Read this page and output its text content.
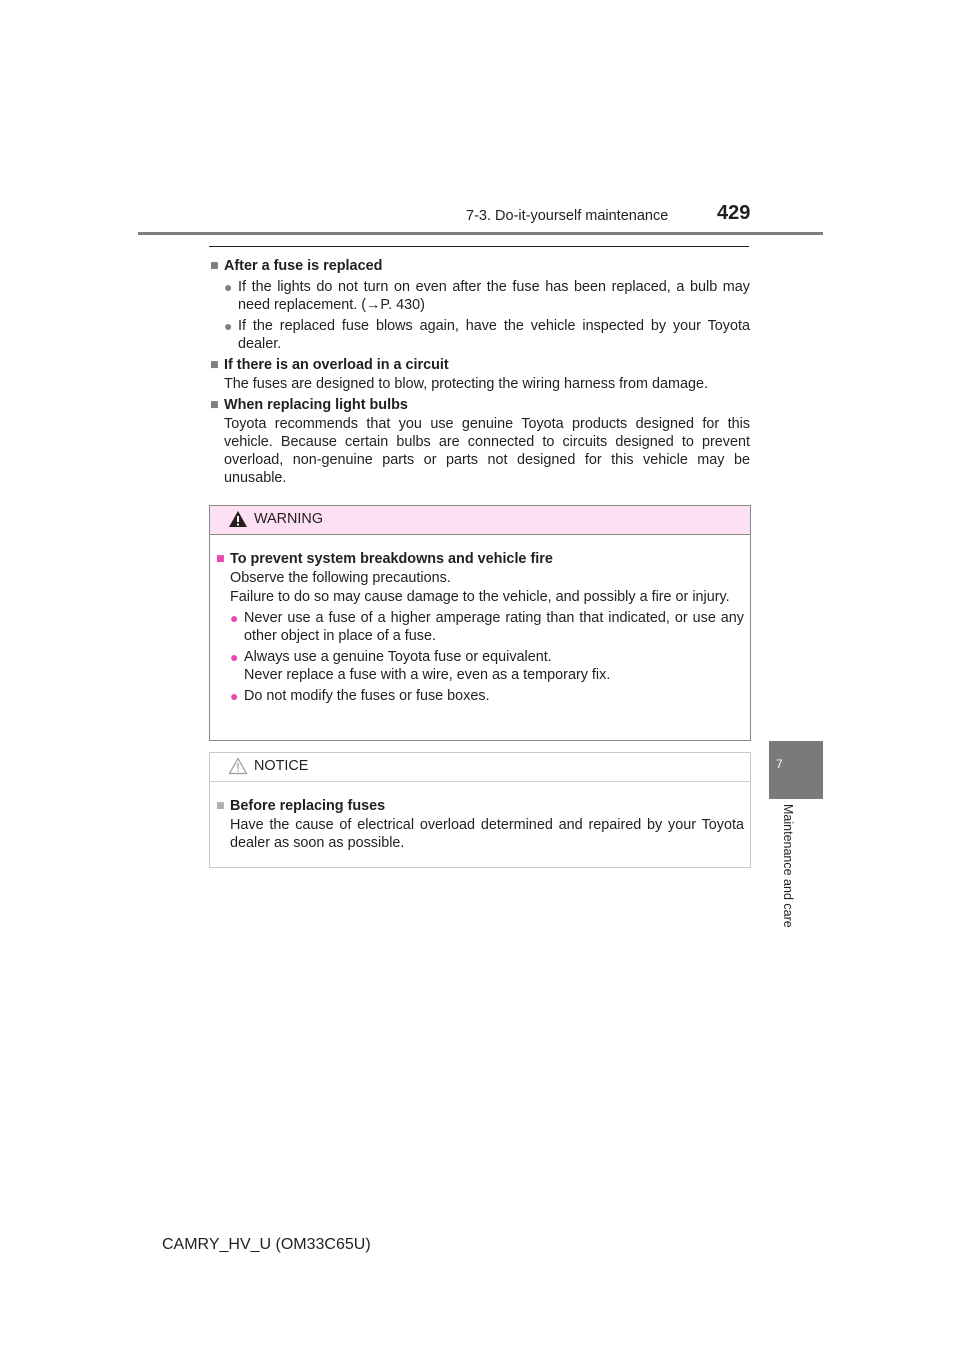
7-3. Do-it-yourself maintenance 429
7
Maintenance and care
■ After a fuse is replaced
● If the lights do not turn on even after the fuse has been replaced, a bulb may need replacement. (→P. 430)
● If the replaced fuse blows again, have the vehicle inspected by your Toyota dealer.
■ If there is an overload in a circuit
The fuses are designed to blow, protecting the wiring harness from damage.
■ When replacing light bulbs
Toyota recommends that you use genuine Toyota products designed for this vehicle. Because certain bulbs are connected to circuits designed to prevent overload, non-genuine parts or parts not designed for this vehicle may be unusable.
WARNING
■ To prevent system breakdowns and vehicle fire
Observe the following precautions.
Failure to do so may cause damage to the vehicle, and possibly a fire or injury.
● Never use a fuse of a higher amperage rating than that indicated, or use any other object in place of a fuse.
● Always use a genuine Toyota fuse or equivalent.
Never replace a fuse with a wire, even as a temporary fix.
● Do not modify the fuses or fuse boxes.
NOTICE
■ Before replacing fuses
Have the cause of electrical overload determined and repaired by your Toyota dealer as soon as possible.
CAMRY_HV_U (OM33C65U)
